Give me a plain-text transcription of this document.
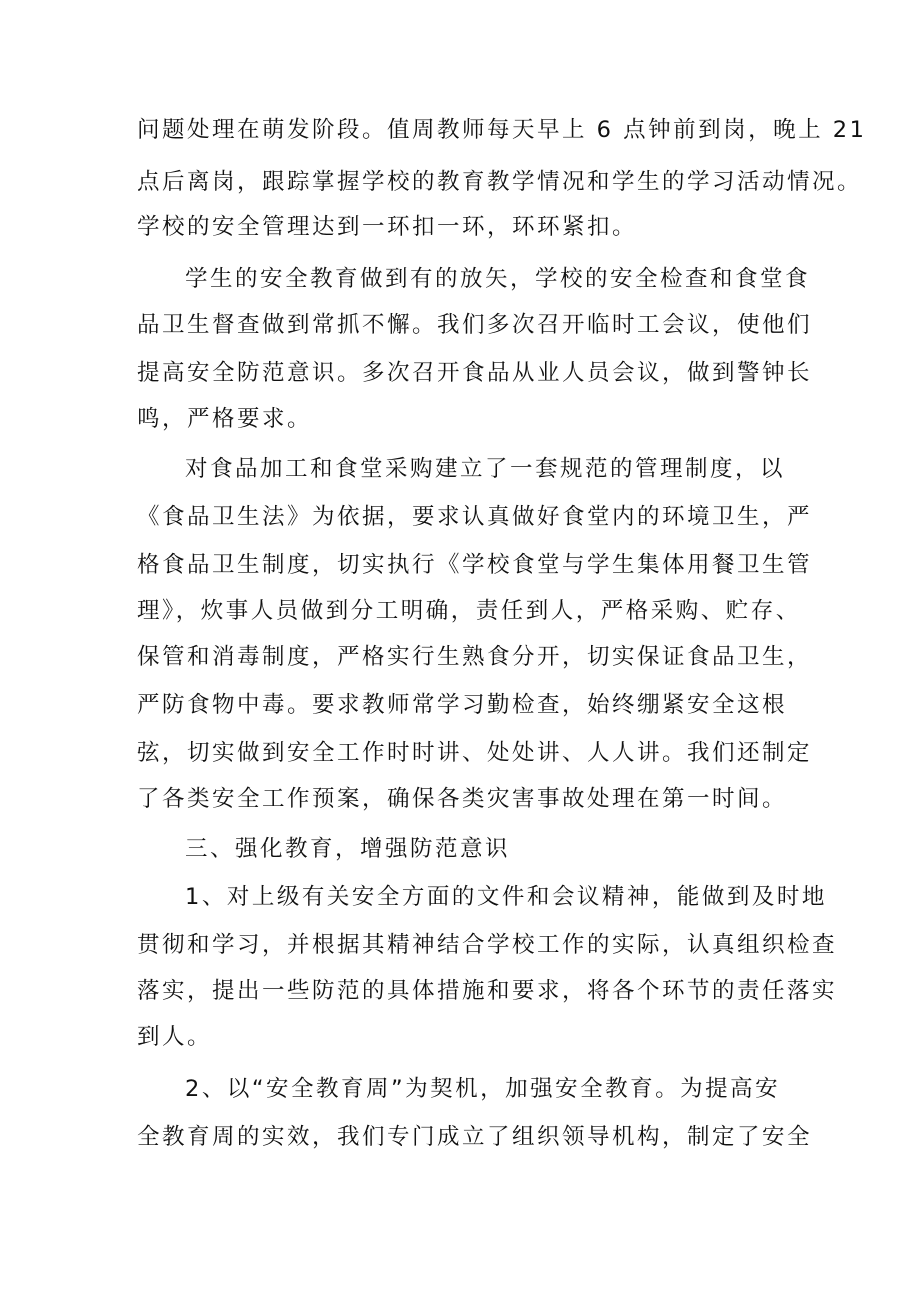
问题处理在萌发阶段。值周教师每天早上 6 点钟前到岗，晚上 21
点后离岗，跟踪掌握学校的教育教学情况和学生的学习活动情况。
学校的安全管理达到一环扣一环，环环紧扣。
学生的安全教育做到有的放矢，学校的安全检查和食堂食
品卫生督查做到常抓不懈。我们多次召开临时工会议，使他们
提高安全防范意识。多次召开食品从业人员会议，做到警钟长
鸣，严格要求。
对食品加工和食堂采购建立了一套规范的管理制度，以
《食品卫生法》为依据，要求认真做好食堂内的环境卫生，严
格食品卫生制度，切实执行《学校食堂与学生集体用餐卫生管
理》，炊事人员做到分工明确，责任到人，严格采购、贮存、
保管和消毒制度，严格实行生熟食分开，切实保证食品卫生，
严防食物中毒。要求教师常学习勤检查，始终绷紧安全这根
弦，切实做到安全工作时时讲、处处讲、人人讲。我们还制定
了各类安全工作预案，确保各类灾害事故处理在第一时间。
三、强化教育，增强防范意识
1、对上级有关安全方面的文件和会议精神，能做到及时地
贯彻和学习，并根据其精神结合学校工作的实际，认真组织检查
落实，提出一些防范的具体措施和要求，将各个环节的责任落实
到人。
2、以“安全教育周”为契机，加强安全教育。为提高安
全教育周的实效，我们专门成立了组织领导机构，制定了安全
